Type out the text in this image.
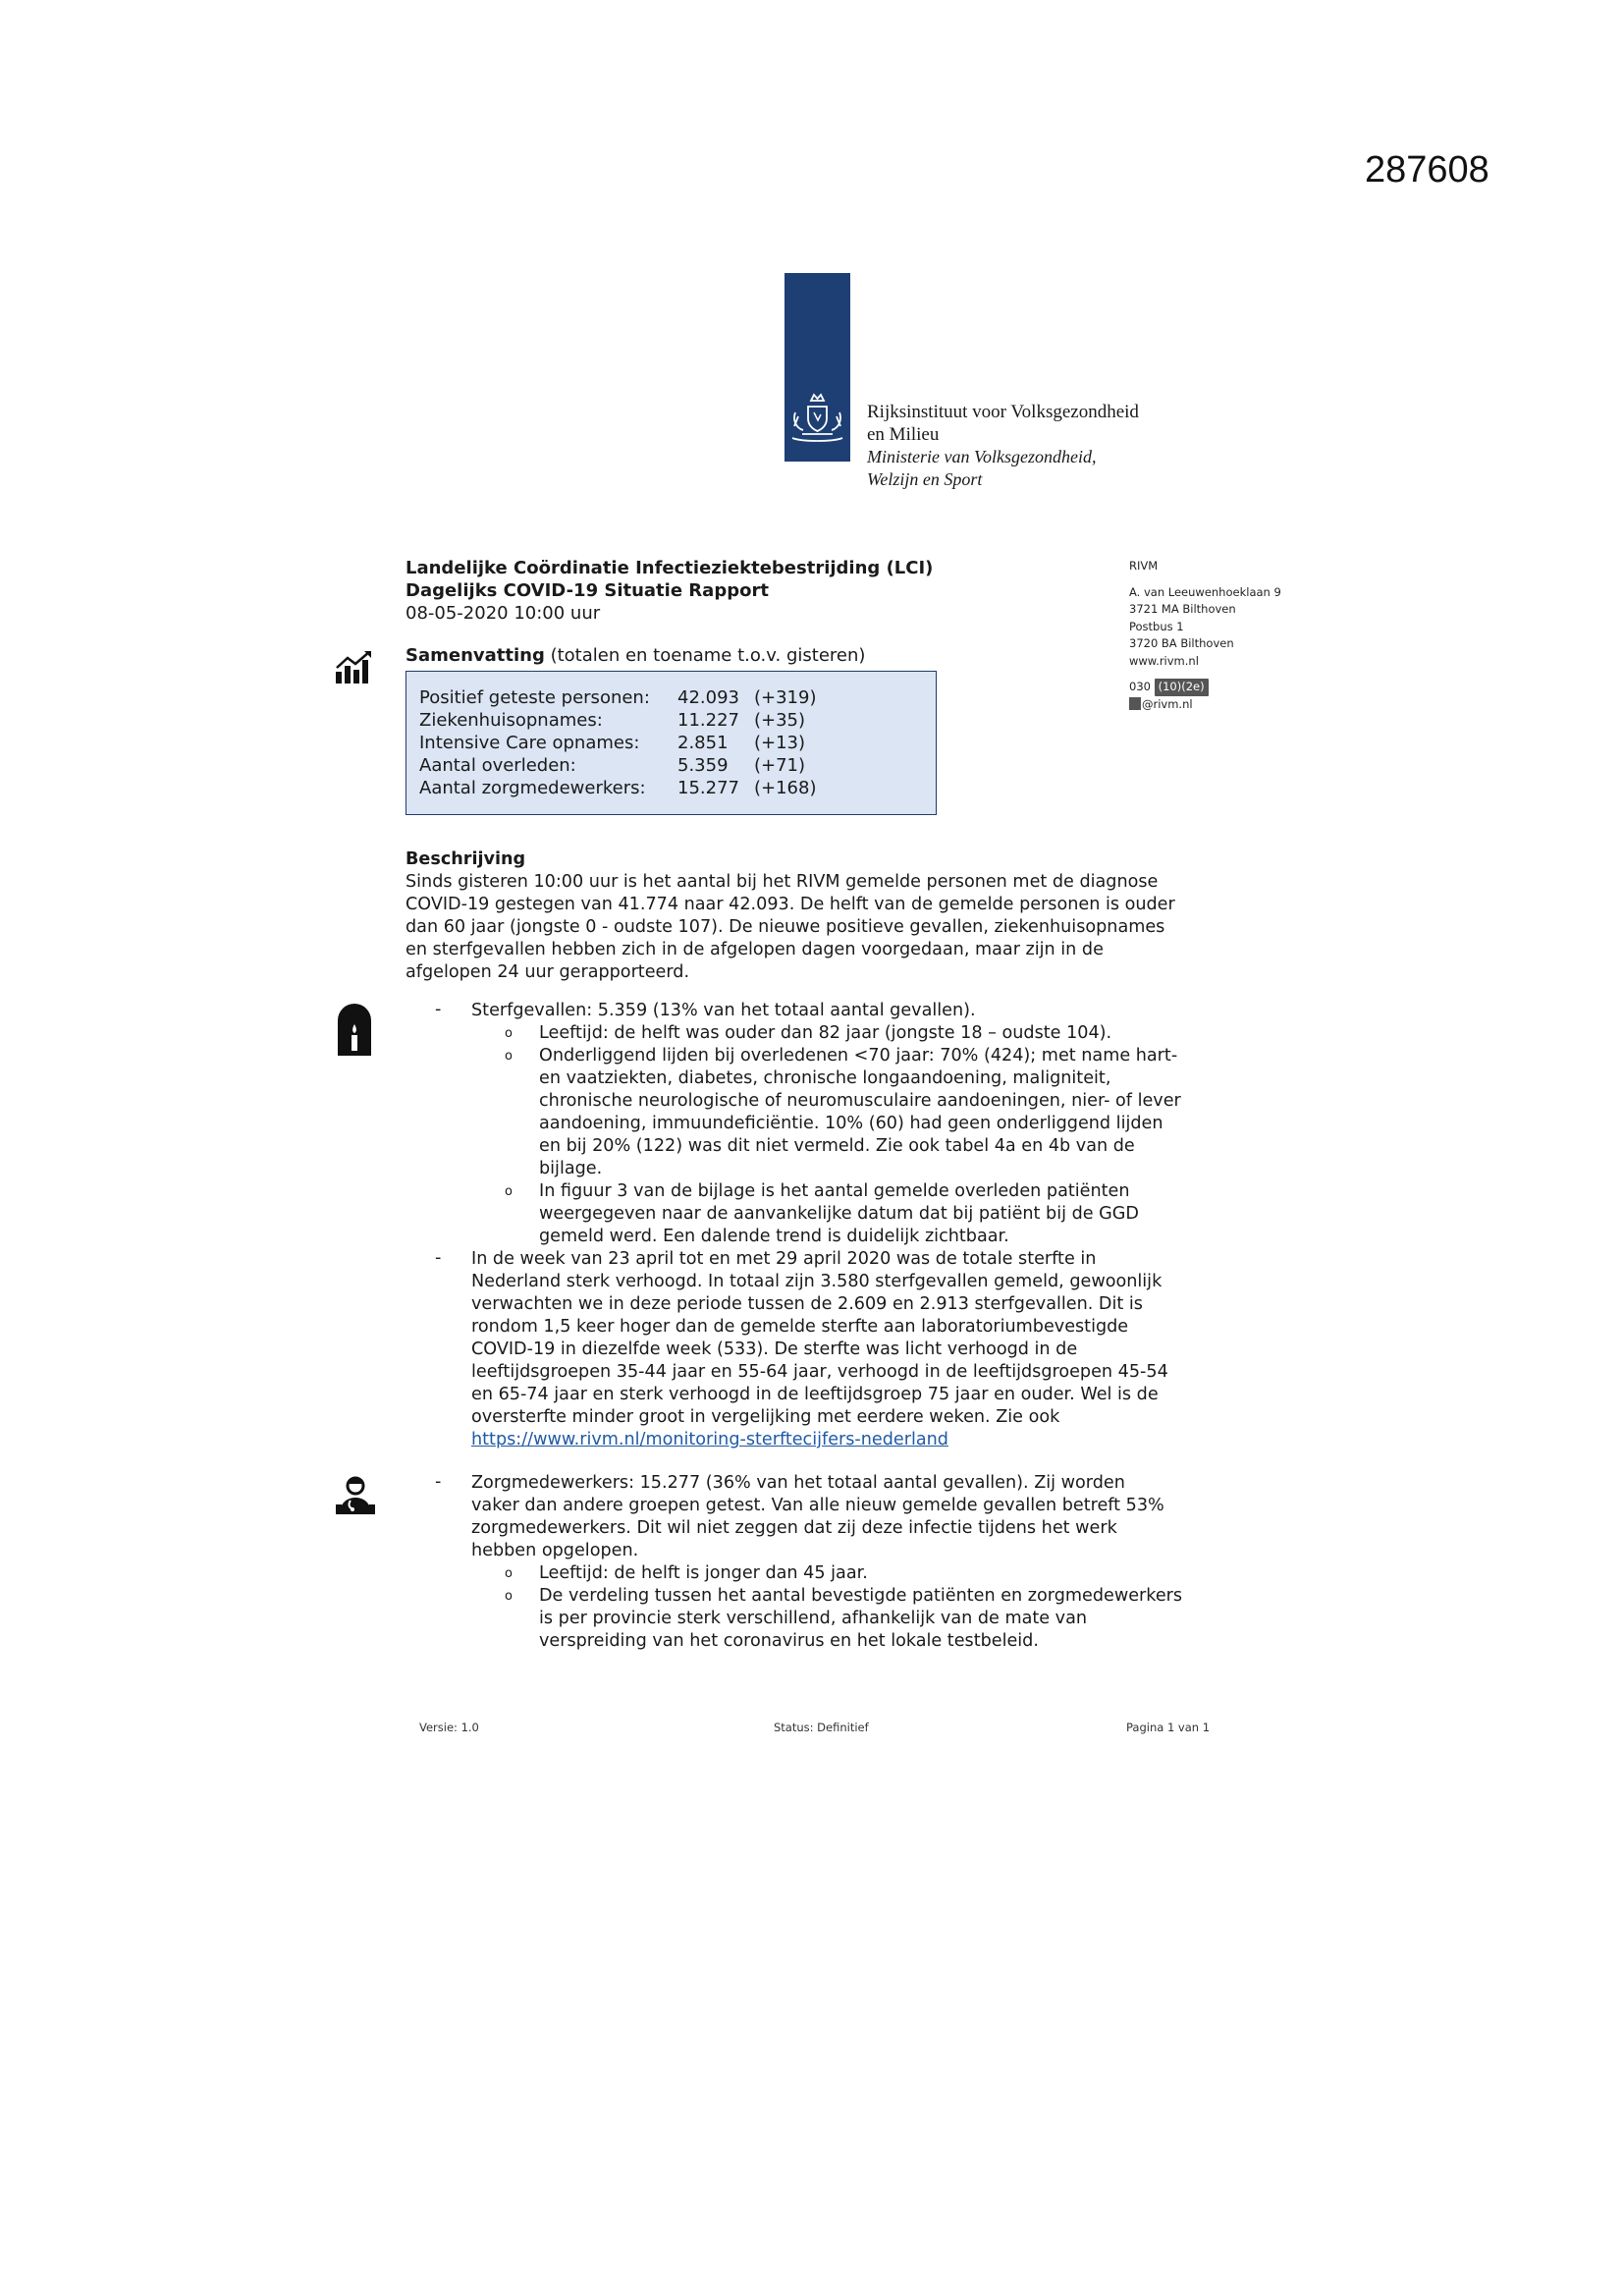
287608
Rijksinstituut voor Volksgezondheid
en Milieu
Ministerie van Volksgezondheid,
Welzijn en Sport
Landelijke Coördinatie Infectieziektebestrijding (LCI)
Dagelijks COVID-19 Situatie Rapport
08-05-2020 10:00 uur
RIVM
A. van Leeuwenhoeklaan 9
3721 MA Bilthoven
Postbus 1
3720 BA Bilthoven
www.rivm.nl
030 (10)(2e)
@rivm.nl
Samenvatting (totalen en toename t.o.v. gisteren)
Positief geteste personen:	42.093 (+319)
Ziekenhuisopnames:	11.227 (+35)
Intensive Care opnames:	2.851	(+13)
Aantal overleden:	5.359	(+71)
Aantal zorgmedewerkers:	15.277 (+168)
Beschrijving
Sinds gisteren 10:00 uur is het aantal bij het RIVM gemelde personen met de diagnose
COVID-19 gestegen van 41.774 naar 42.093. De helft van de gemelde personen is ouder
dan 60 jaar (jongste 0 - oudste 107). De nieuwe positieve gevallen, ziekenhuisopnames
en sterfgevallen hebben zich in de afgelopen dagen voorgedaan, maar zijn in de
afgelopen 24 uur gerapporteerd.
- Sterfgevallen: 5.359 (13% van het totaal aantal gevallen).
o Leeftijd: de helft was ouder dan 82 jaar (jongste 18 – oudste 104).
o Onderliggend lijden bij overledenen <70 jaar: 70% (424); met name hart-
en vaatziekten, diabetes, chronische longaandoening, maligniteit,
chronische neurologische of neuromusculaire aandoeningen, nier- of lever
aandoening, immuundeficiëntie. 10% (60) had geen onderliggend lijden
en bij 20% (122) was dit niet vermeld. Zie ook tabel 4a en 4b van de
bijlage.
o In figuur 3 van de bijlage is het aantal gemelde overleden patiënten
weergegeven naar de aanvankelijke datum dat bij patiënt bij de GGD
gemeld werd. Een dalende trend is duidelijk zichtbaar.
- In de week van 23 april tot en met 29 april 2020 was de totale sterfte in
Nederland sterk verhoogd. In totaal zijn 3.580 sterfgevallen gemeld, gewoonlijk
verwachten we in deze periode tussen de 2.609 en 2.913 sterfgevallen. Dit is
rondom 1,5 keer hoger dan de gemelde sterfte aan laboratoriumbevestigde
COVID-19 in diezelfde week (533). De sterfte was licht verhoogd in de
leeftijdsgroepen 35-44 jaar en 55-64 jaar, verhoogd in de leeftijdsgroepen 45-54
en 65-74 jaar en sterk verhoogd in de leeftijdsgroep 75 jaar en ouder. Wel is de
oversterfte minder groot in vergelijking met eerdere weken. Zie ook
https://www.rivm.nl/monitoring-sterftecijfers-nederland
- Zorgmedewerkers: 15.277 (36% van het totaal aantal gevallen). Zij worden
vaker dan andere groepen getest. Van alle nieuw gemelde gevallen betreft 53%
zorgmedewerkers. Dit wil niet zeggen dat zij deze infectie tijdens het werk
hebben opgelopen.
o Leeftijd: de helft is jonger dan 45 jaar.
o De verdeling tussen het aantal bevestigde patiënten en zorgmedewerkers
is per provincie sterk verschillend, afhankelijk van de mate van
verspreiding van het coronavirus en het lokale testbeleid.
Versie: 1.0	Status: Definitief	Pagina 1 van 1
